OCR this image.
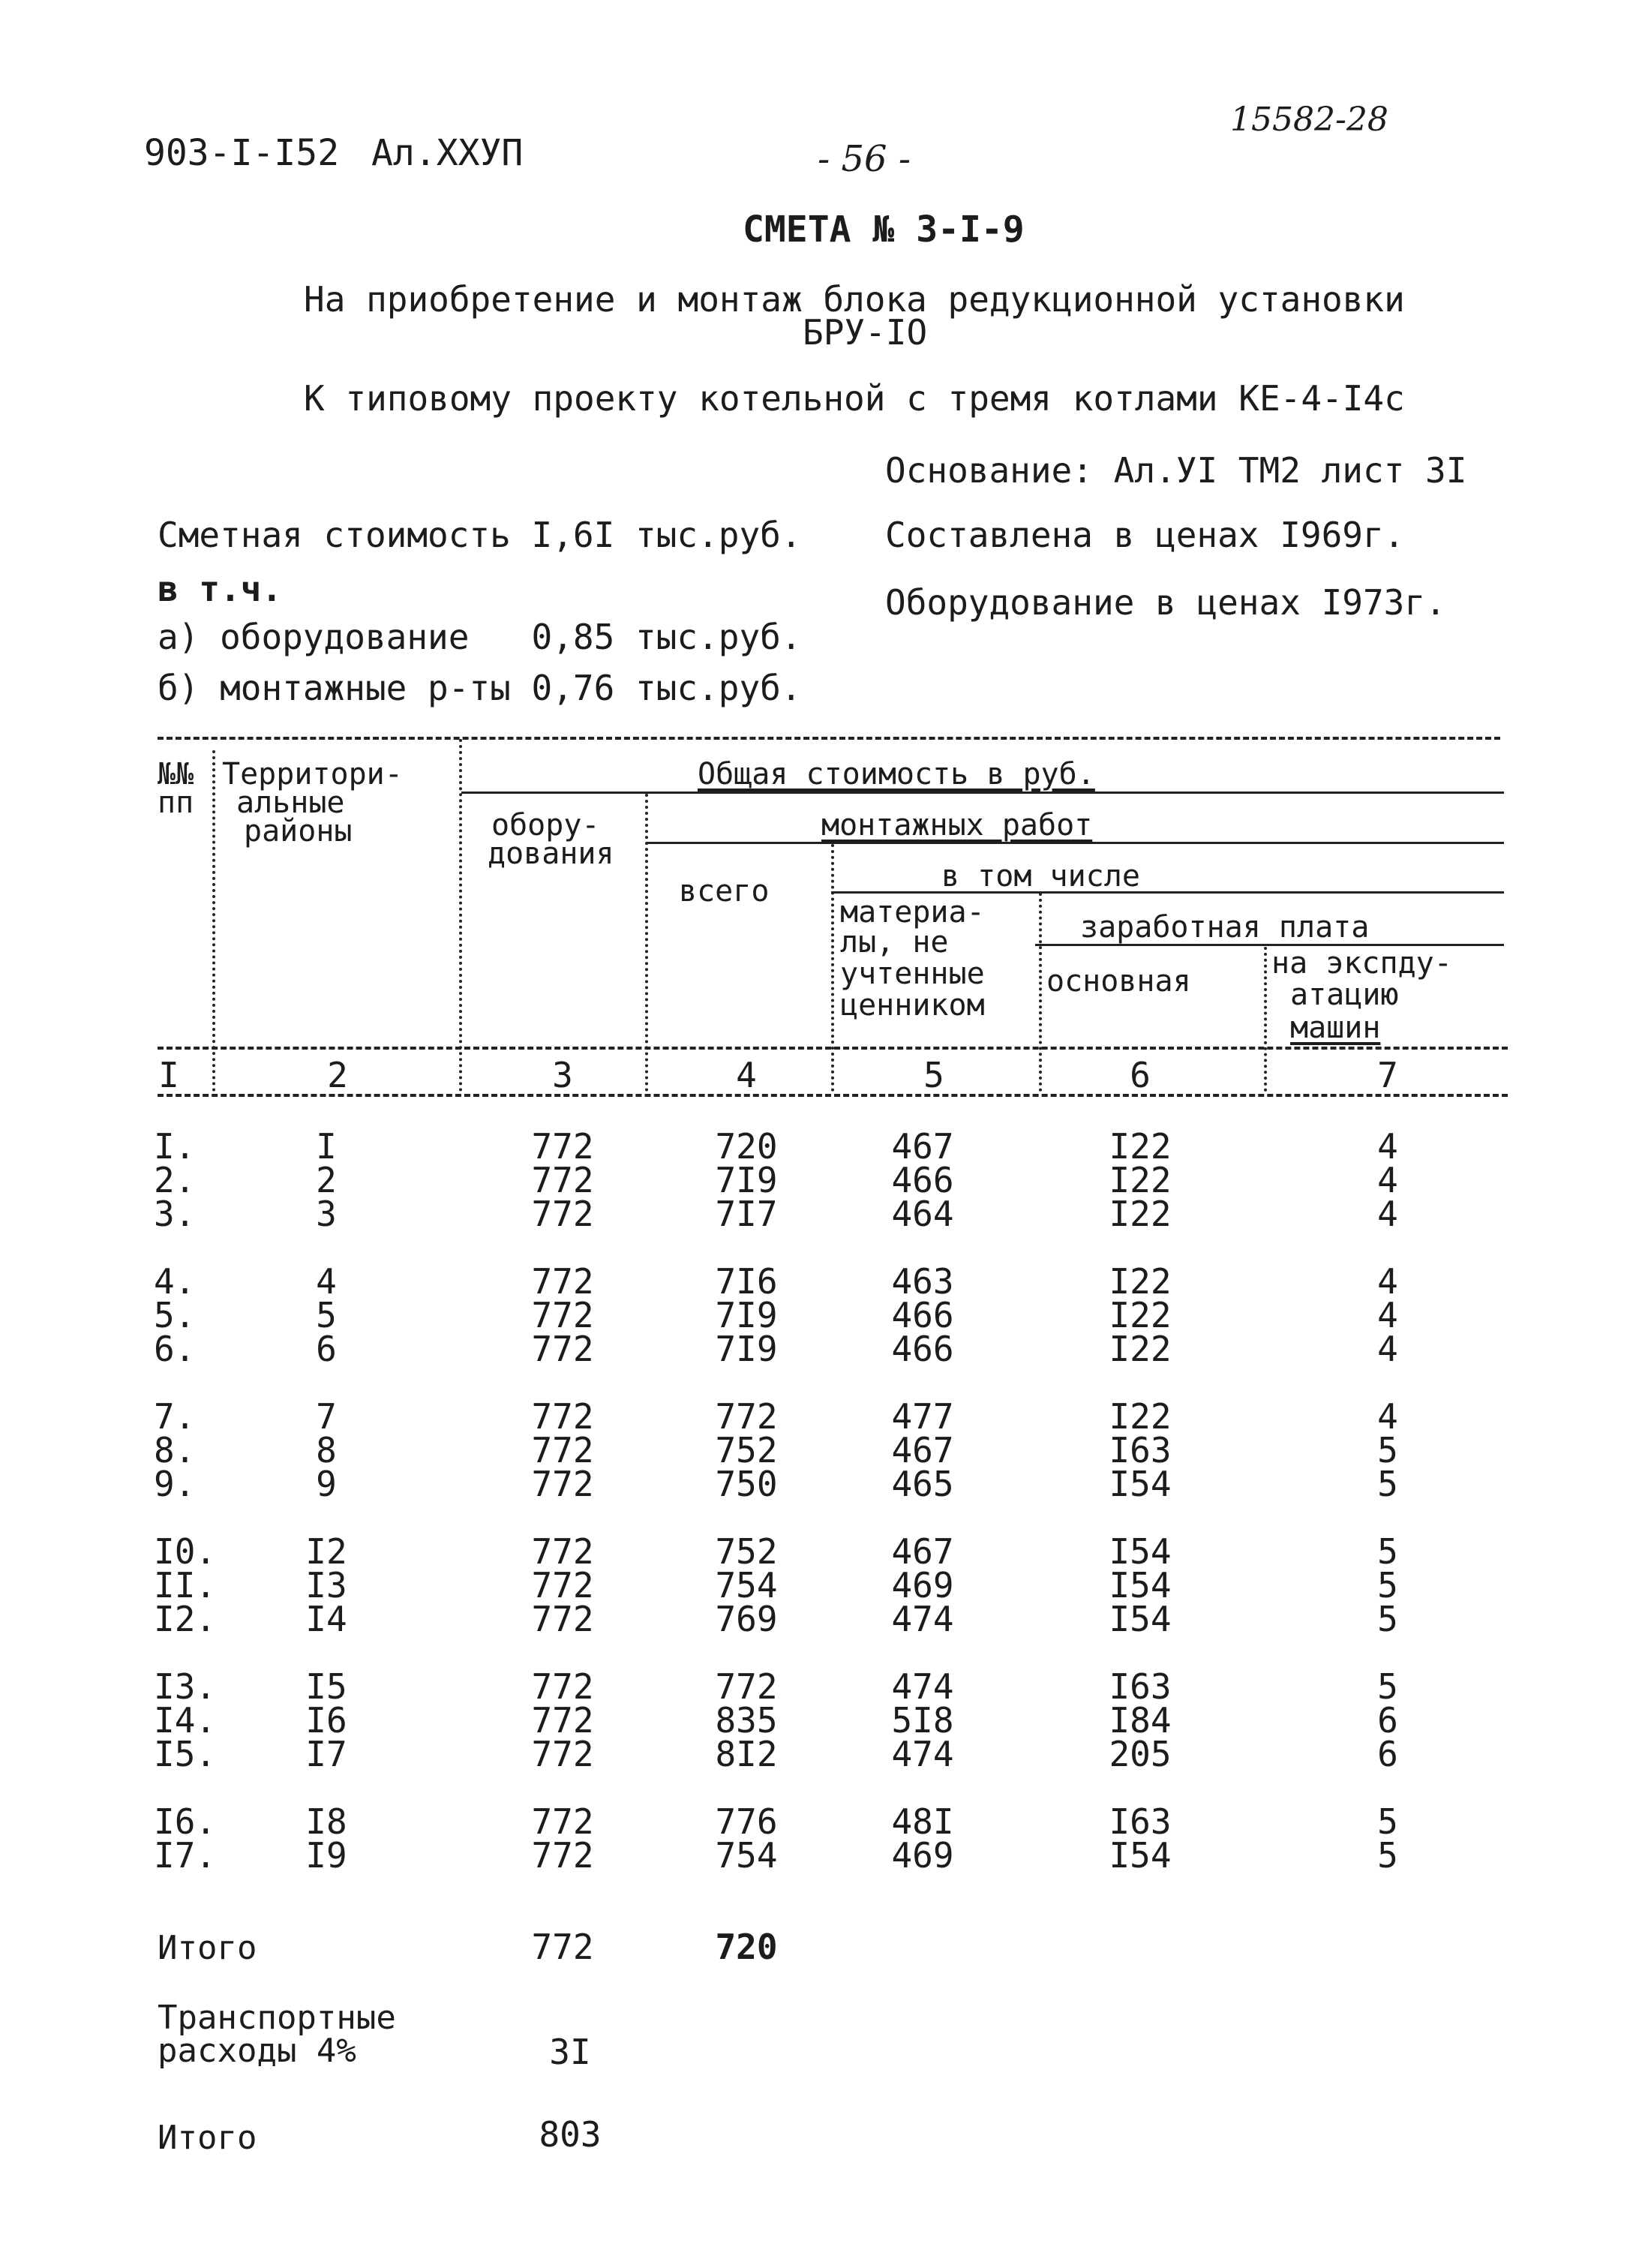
903-I-I52 Ал.XXУП	- 56 -
15582-28
СМЕТА № 3-I-9
На приобретение и монтаж блока редукционной установки
БРУ-IO
К типовому проекту котельной с тремя котлами КЕ-4-I4с
Основание: Ал.УI ТМ2 лист 3I
Сметная стоимость I,6I тыс.руб. Составлена в ценах I969г.
в т.ч.	Оборудование в ценах I973г.
а) оборудование   0,85 тыс.руб.
б) монтажные р-ты 0,76 тыс.руб.
№№
пп
Территори-
альные
районы
Общая стоимость в руб.
обору-
дования
монтажных работ
всего	в том числе
материа-
лы, не
учтенные
ценником
заработная плата
основная
на экспду-
атацию
машин
I	2	3	4	5	6	7
I.	I	772	720	467	I22	4
2.	2	772	7I9	466	I22	4
3.	3	772	7I7	464	I22	4
4.	4	772	7I6	463	I22	4
5.	5	772	7I9	466	I22	4
6.	6	772	7I9	466	I22	4
7.	7	772	772	477	I22	4
8.	8	772	752	467	I63	5
9.	9	772	750	465	I54	5
I0.	I2	772	752	467	I54	5
II.	I3	772	754	469	I54	5
I2.	I4	772	769	474	I54	5
I3.	I5	772	772	474	I63	5
I4.	I6	772	835	5I8	I84	6
I5.	I7	772	8I2	474	205	6
I6.	I8	772	776	48I	I63	5
I7.	I9	772	754	469	I54	5
Итого	772	720
Транспортные
расходы 4%	3I
Итого	803
